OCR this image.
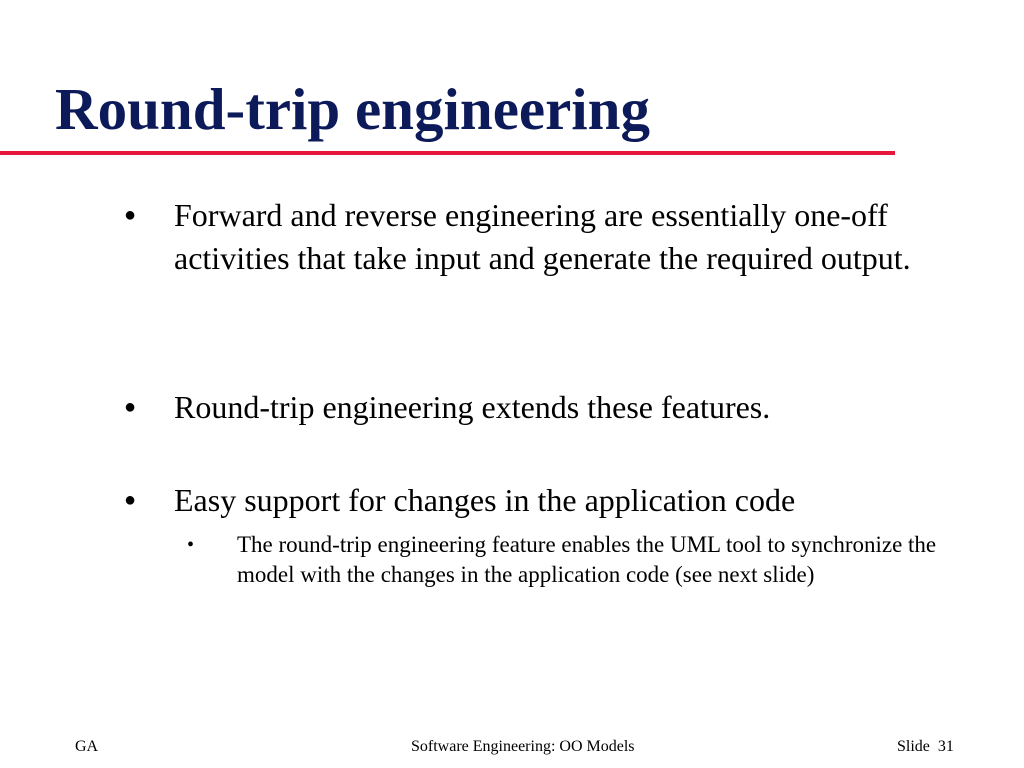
Round-trip engineering
● Forward and reverse engineering are essentially one-off activities that take input and generate the required output.
● Round-trip engineering extends these features.
● Easy support for changes in the application code
• The round-trip engineering feature enables the UML tool to synchronize the model with the changes in the application code (see next slide)
GA	Software Engineering: OO Models	Slide  31
